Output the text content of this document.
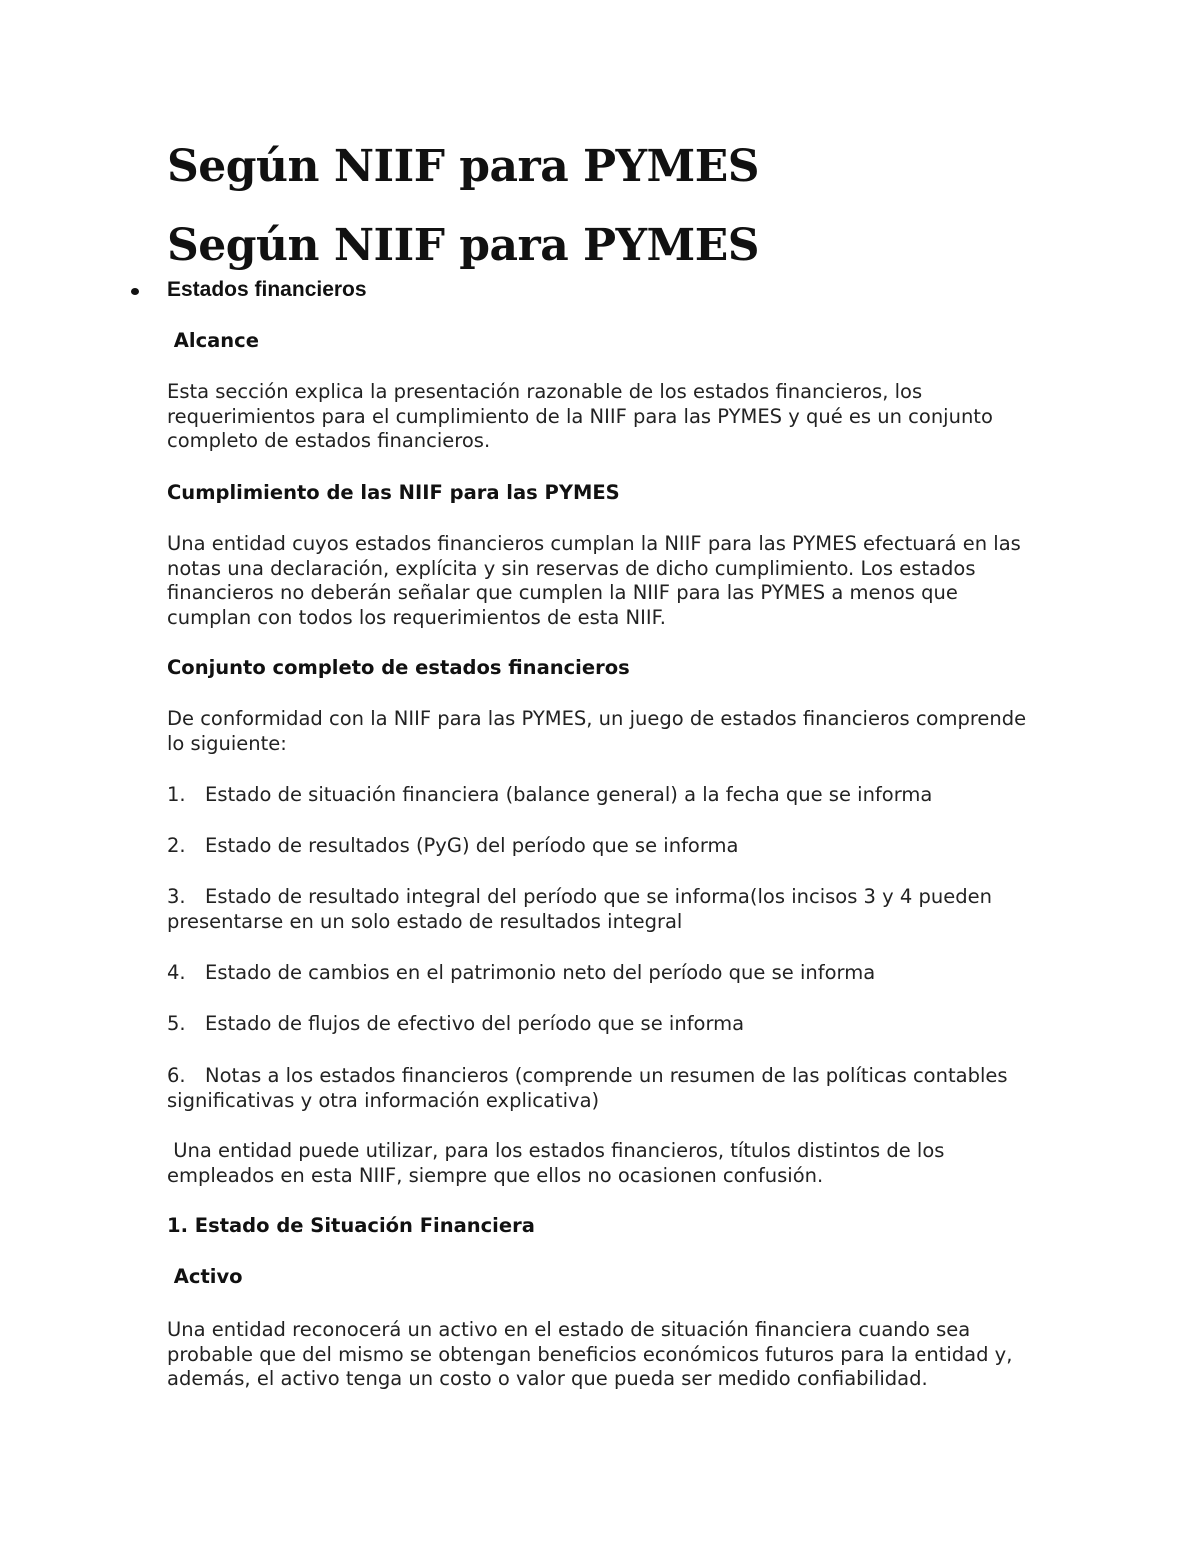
Según NIIF para PYMES
Según NIIF para PYMES
Estados financieros

Alcance

Esta sección explica la presentación razonable de los estados financieros, los requerimientos para el cumplimiento de la NIIF para las PYMES y qué es un conjunto completo de estados financieros.

Cumplimiento de las NIIF para las PYMES

Una entidad cuyos estados financieros cumplan la NIIF para las PYMES efectuará en las notas una declaración, explícita y sin reservas de dicho cumplimiento. Los estados financieros no deberán señalar que cumplen la NIIF para las PYMES a menos que cumplan con todos los requerimientos de esta NIIF.

Conjunto completo de estados financieros

De conformidad con la NIIF para las PYMES, un juego de estados financieros comprende lo siguiente:

1. Estado de situación financiera (balance general) a la fecha que se informa

2. Estado de resultados (PyG) del período que se informa

3. Estado de resultado integral del período que se informa(los incisos 3 y 4 pueden presentarse en un solo estado de resultados integral

4. Estado de cambios en el patrimonio neto del período que se informa

5. Estado de flujos de efectivo del período que se informa

6. Notas a los estados financieros (comprende un resumen de las políticas contables significativas y otra información explicativa)

Una entidad puede utilizar, para los estados financieros, títulos distintos de los empleados en esta NIIF, siempre que ellos no ocasionen confusión.

1. Estado de Situación Financiera

Activo

Una entidad reconocerá un activo en el estado de situación financiera cuando sea probable que del mismo se obtengan beneficios económicos futuros para la entidad y, además, el activo tenga un costo o valor que pueda ser medido confiabilidad.
